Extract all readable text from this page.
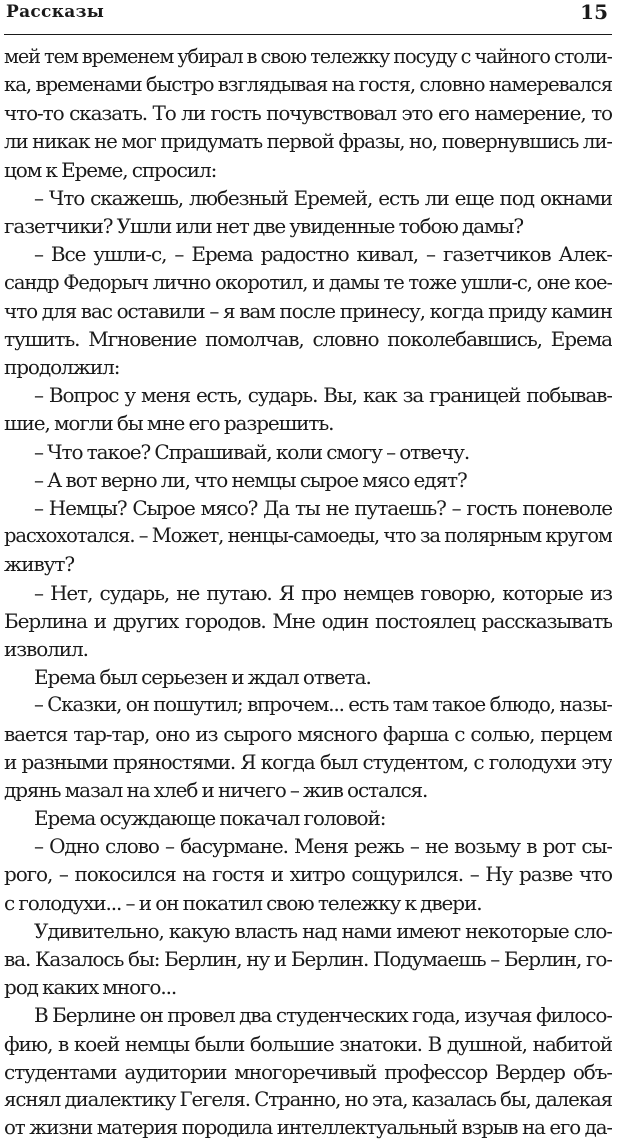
Рассказы	15
мей тем временем убирал в свою тележку посуду с чайного столи-
ка, временами быстро взглядывая на гостя, словно намеревался
что-то сказать. То ли гость почувствовал это его намерение, то
ли никак не мог придумать первой фразы, но, повернувшись ли-
цом к Ереме, спросил:
– Что скажешь, любезный Еремей, есть ли еще под окнами
газетчики? Ушли или нет две увиденные тобою дамы?
– Все ушли-с, – Ерема радостно кивал, – газетчиков Алек-
сандр Федорыч лично окоротил, и дамы те тоже ушли-с, оне коe-
что для вас оставили – я вам после принесу, когда приду камин
тушить. Мгновение помолчав, словно поколебавшись, Ерема
продолжил:
– Вопрос у меня есть, сударь. Вы, как за границей побывав-
шие, могли бы мне его разрешить.
– Что такое? Спрашивай, коли смогу – отвечу.
– А вот верно ли, что немцы сырое мясо едят?
– Немцы? Сырое мясо? Да ты не путаешь? – гость поневоле
расхохотался. – Может, ненцы-самоеды, что за полярным кругом
живут?
– Нет, сударь, не путаю. Я про немцев говорю, которые из
Берлина и других городов. Мне один постоялец рассказывать
изволил.
Ерема был серьезен и ждал ответа.
– Сказки, он пошутил; впрочем... есть там такое блюдо, назы-
вается тар-тар, оно из сырого мясного фарша с солью, перцем
и разными пряностями. Я когда был студентом, с голодухи эту
дрянь мазал на хлеб и ничего – жив остался.
Ерема осуждающе покачал головой:
– Одно слово – басурмане. Меня режь – не возьму в рот сы-
рого, – покосился на гостя и хитро сощурился. – Ну разве что
с голодухи... – и он покатил свою тележку к двери.
Удивительно, какую власть над нами имеют некоторые сло-
ва. Казалось бы: Берлин, ну и Берлин. Подумаешь – Берлин, го-
род каких много...
В Берлине он провел два студенческих года, изучая филосо-
фию, в коей немцы были большие знатоки. В душной, набитой
студентами аудитории многоречивый профессор Вердер объ-
яснял диалектику Гегеля. Странно, но эта, казалась бы, далекая
от жизни материя породила интеллектуальный взрыв на его да-
